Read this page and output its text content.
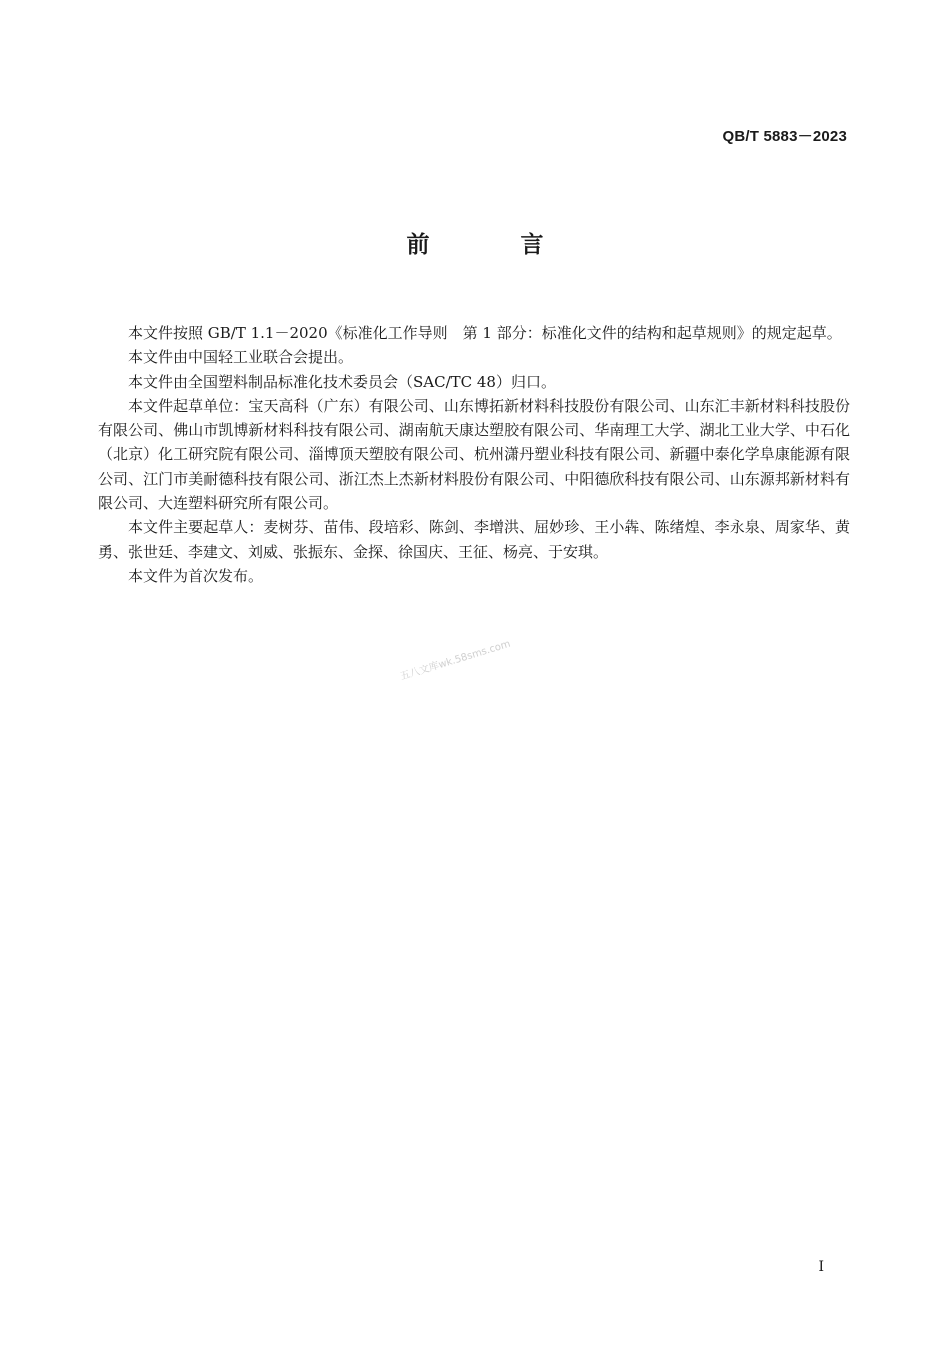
QB/T 5883－2023
前　言

本文件按照 GB/T 1.1－2020《标准化工作导则　第 1 部分：标准化文件的结构和起草规则》的规定起草。

本文件由中国轻工业联合会提出。

本文件由全国塑料制品标准化技术委员会（SAC/TC 48）归口。

本文件起草单位：宝天高科（广东）有限公司、山东博拓新材料科技股份有限公司、山东汇丰新材料科技股份有限公司、佛山市凯博新材料科技有限公司、湖南航天康达塑胶有限公司、华南理工大学、湖北工业大学、中石化（北京）化工研究院有限公司、淄博顶天塑胶有限公司、杭州潇丹塑业科技有限公司、新疆中泰化学阜康能源有限公司、江门市美耐德科技有限公司、浙江杰上杰新材料股份有限公司、中阳德欣科技有限公司、山东源邦新材料有限公司、大连塑料研究所有限公司。

本文件主要起草人：麦树芬、苗伟、段培彩、陈剑、李增洪、屈妙珍、王小犇、陈绪煌、李永泉、周家华、黄勇、张世廷、李建文、刘威、张振东、金探、徐国庆、王征、杨亮、于安琪。

本文件为首次发布。

五八文库wk.58sms.com
I
